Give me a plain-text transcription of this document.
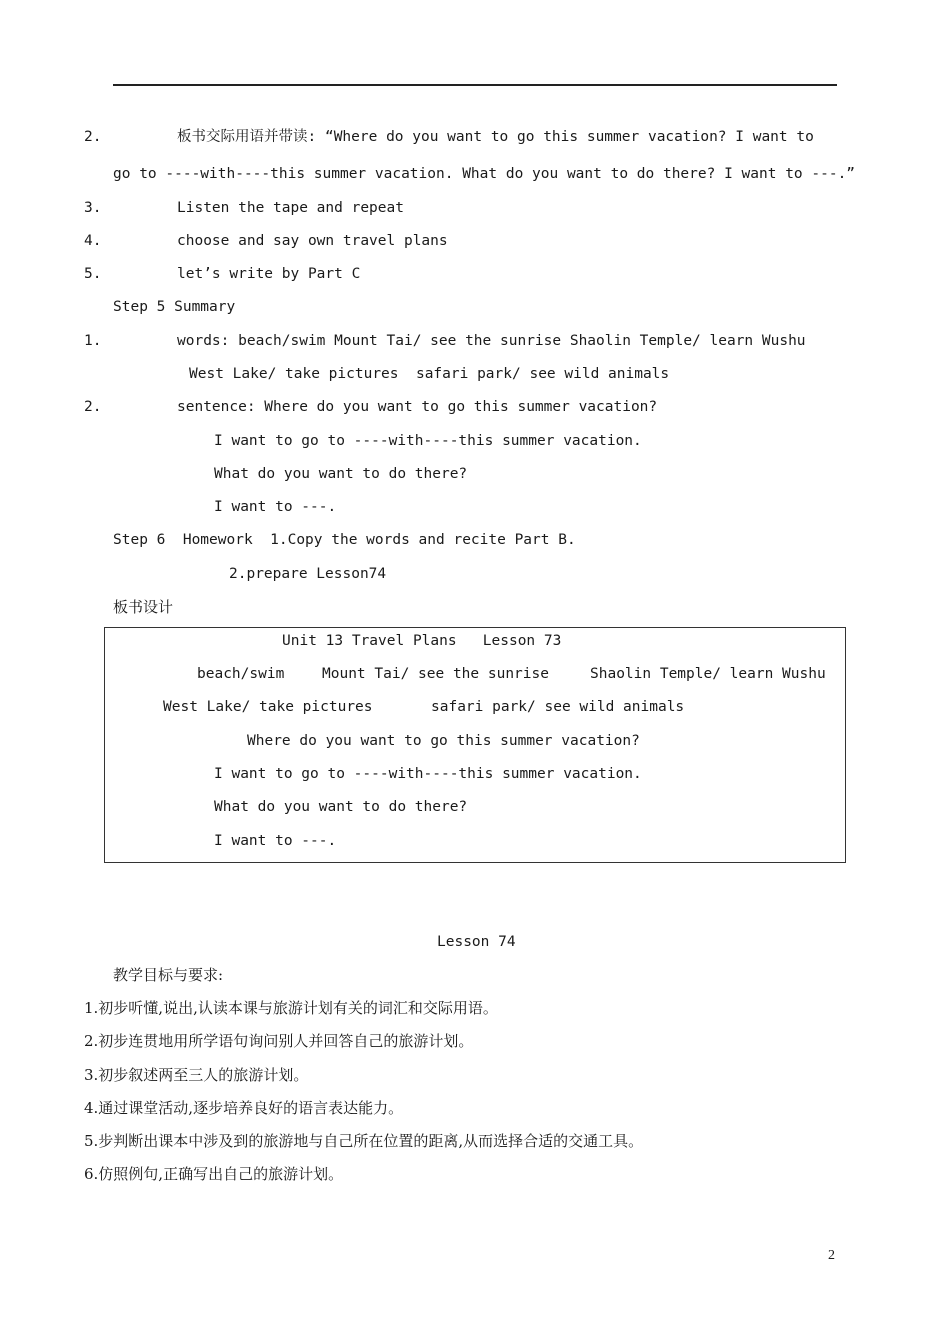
2.	板书交际用语并带读: “Where do you want to go this summer vacation? I want to
go to ----with----this summer vacation. What do you want to do there? I want to ---.”
3.	Listen the tape and repeat
4.	choose and say own travel plans
5.	let’s write by Part C
Step 5 Summary
1.	words: beach/swim Mount Tai/ see the sunrise Shaolin Temple/ learn Wushu
West Lake/ take pictures  safari park/ see wild animals
2.	sentence: Where do you want to go this summer vacation?
I want to go to ----with----this summer vacation.
What do you want to do there?
I want to ---.
Step 6  Homework  1.Copy the words and recite Part B.
2.prepare Lesson74
板书设计
Unit 13 Travel Plans   Lesson 73
beach/swim	Mount Tai/ see the sunrise	Shaolin Temple/ learn Wushu
West Lake/ take pictures	safari park/ see wild animals
Where do you want to go this summer vacation?
I want to go to ----with----this summer vacation.
What do you want to do there?
I want to ---.
Lesson 74
教学目标与要求:
1.初步听懂,说出,认读本课与旅游计划有关的词汇和交际用语。
2.初步连贯地用所学语句询问别人并回答自己的旅游计划。
3.初步叙述两至三人的旅游计划。
4.通过课堂活动,逐步培养良好的语言表达能力。
5.步判断出课本中涉及到的旅游地与自己所在位置的距离,从而选择合适的交通工具。
6.仿照例句,正确写出自己的旅游计划。
2
